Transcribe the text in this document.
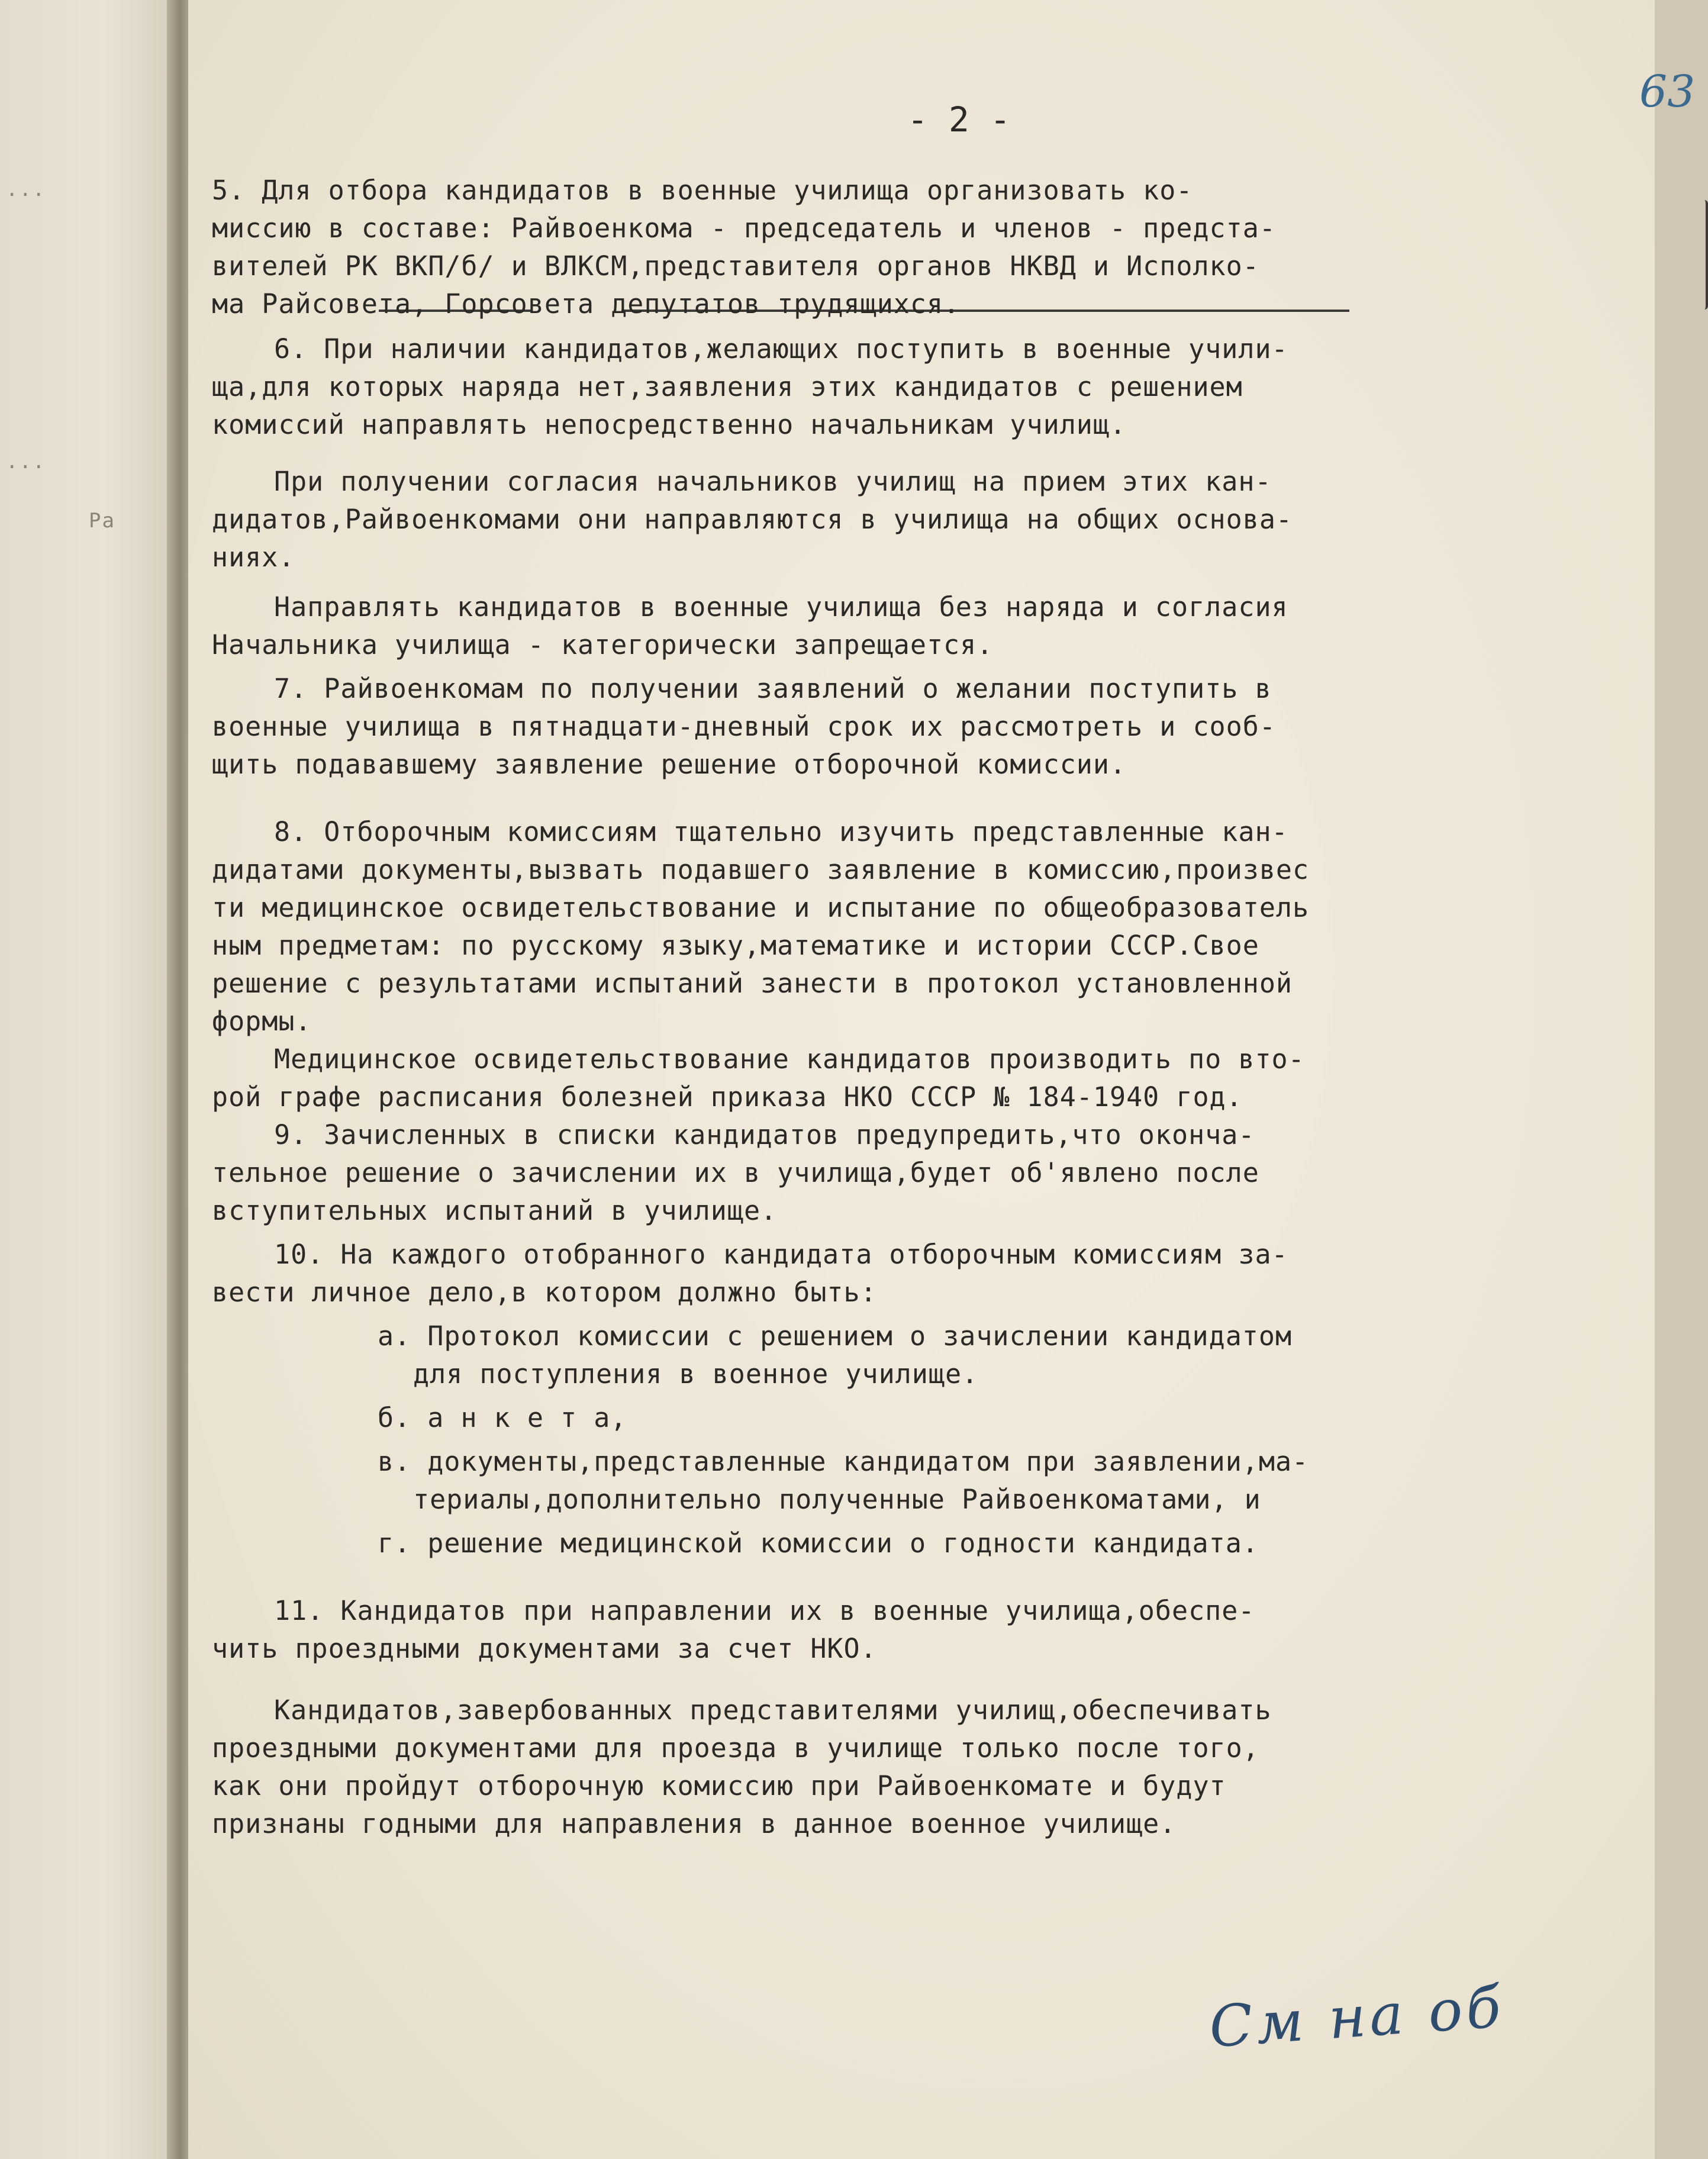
...
...
Ра
- 2 -
63
5. Для отбора кандидатов в военные училища организовать ко-
миссию в составе: Райвоенкома - председатель и членов - предста-
вителей РК ВКП/б/ и ВЛКСМ,представителя органов НКВД и Исполко-
ма Райсовета, Горсовета депутатов трудящихся.
6. При наличии кандидатов,желающих поступить в военные учили-
ща,для которых наряда нет,заявления этих кандидатов с решением
комиссий направлять непосредственно начальникам училищ.
При получении согласия начальников училищ на прием этих кан-
дидатов,Райвоенкомами они направляются в училища на общих основа-
ниях.
Направлять кандидатов в военные училища без наряда и согласия
Начальника училища - категорически запрещается.
7. Райвоенкомам по получении заявлений о желании поступить в
военные училища в пятнадцати-дневный срок их рассмотреть и сооб-
щить подававшему заявление решение отборочной комиссии.
8. Отборочным комиссиям тщательно изучить представленные кан-
дидатами документы,вызвать подавшего заявление в комиссию,произвес
ти медицинское освидетельствование и испытание по общеобразователь
ным предметам: по русскому языку,математике и истории СССР.Свое
решение с результатами испытаний занести в протокол установленной
формы.
Медицинское освидетельствование кандидатов производить по вто-
рой графе расписания болезней приказа НКО СССР № 184-1940 год.
9. Зачисленных в списки кандидатов предупредить,что оконча-
тельное решение о зачислении их в училища,будет об'явлено после
вступительных испытаний в училище.
10. На каждого отобранного кандидата отборочным комиссиям за-
вести личное дело,в котором должно быть:
а. Протокол комиссии с решением о зачислении кандидатом
для поступления в военное училище.
б. а н к е т а,
в. документы,представленные кандидатом при заявлении,ма-
териалы,дополнительно полученные Райвоенкоматами, и
г. решение медицинской комиссии о годности кандидата.
11. Кандидатов при направлении их в военные училища,обеспе-
чить проездными документами за счет НКО.
Кандидатов,завербованных представителями училищ,обеспечивать
проездными документами для проезда в училище только после того,
как они пройдут отборочную комиссию при Райвоенкомате и будут
признаны годными для направления в данное военное училище.
См на об
